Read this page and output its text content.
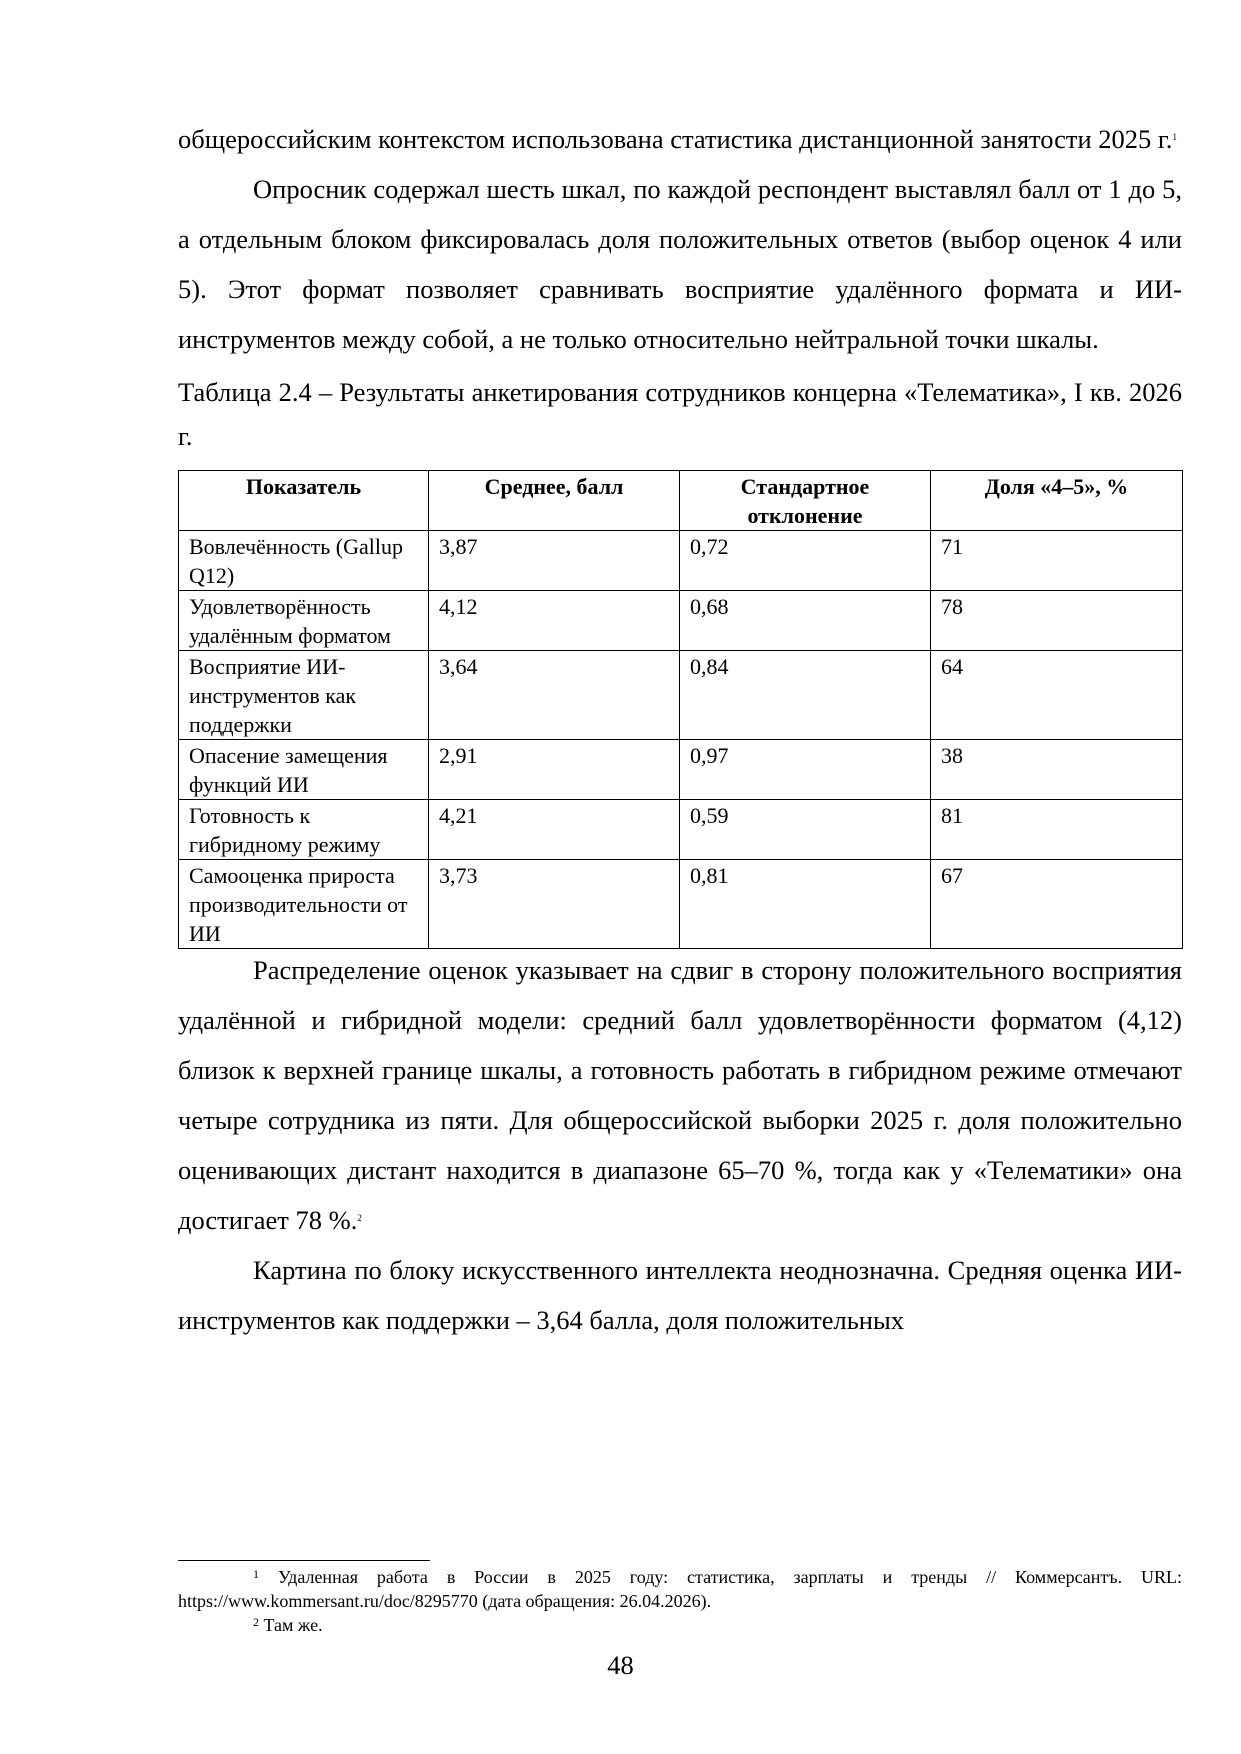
общероссийским контекстом использована статистика дистанционной занятости 2025 г.$^1$

Опросник содержал шесть шкал, по каждой респондент выставлял балл от 1 до 5, а отдельным блоком фиксировалась доля положительных ответов (выбор оценок 4 или 5). Этот формат позволяет сравнивать восприятие удалённого формата и ИИ-инструментов между собой, а не только относительно нейтральной точки шкалы.

Таблица 2.4 – Результаты анкетирования сотрудников концерна «Телематика», I кв. 2026 г.

Показатель	Среднее, балл	Стандартное отклонение	Доля «4–5», %
Вовлечённость (Gallup Q12)	3,87	0,72	71
Удовлетворённость удалённым форматом	4,12	0,68	78
Восприятие ИИ-инструментов как поддержки	3,64	0,84	64
Опасение замещения функций ИИ	2,91	0,97	38
Готовность к гибридному режиму	4,21	0,59	81
Самооценка прироста производительности от ИИ	3,73	0,81	67

Распределение оценок указывает на сдвиг в сторону положительного восприятия удалённой и гибридной модели: средний балл удовлетворённости форматом (4,12) близок к верхней границе шкалы, а готовность работать в гибридном режиме отмечают четыре сотрудника из пяти. Для общероссийской выборки 2025 г. доля положительно оценивающих дистант находится в диапазоне 65–70 %, тогда как у «Телематики» она достигает 78 %.$^2$

Картина по блоку искусственного интеллекта неоднозначна. Средняя оценка ИИ-инструментов как поддержки – 3,64 балла, доля положительных

$^1$ Удаленная работа в России в 2025 году: статистика, зарплаты и тренды // Коммерсантъ. URL: https://www.kommersant.ru/doc/8295770 (дата обращения: 26.04.2026).

$^2$ Там же.

48
